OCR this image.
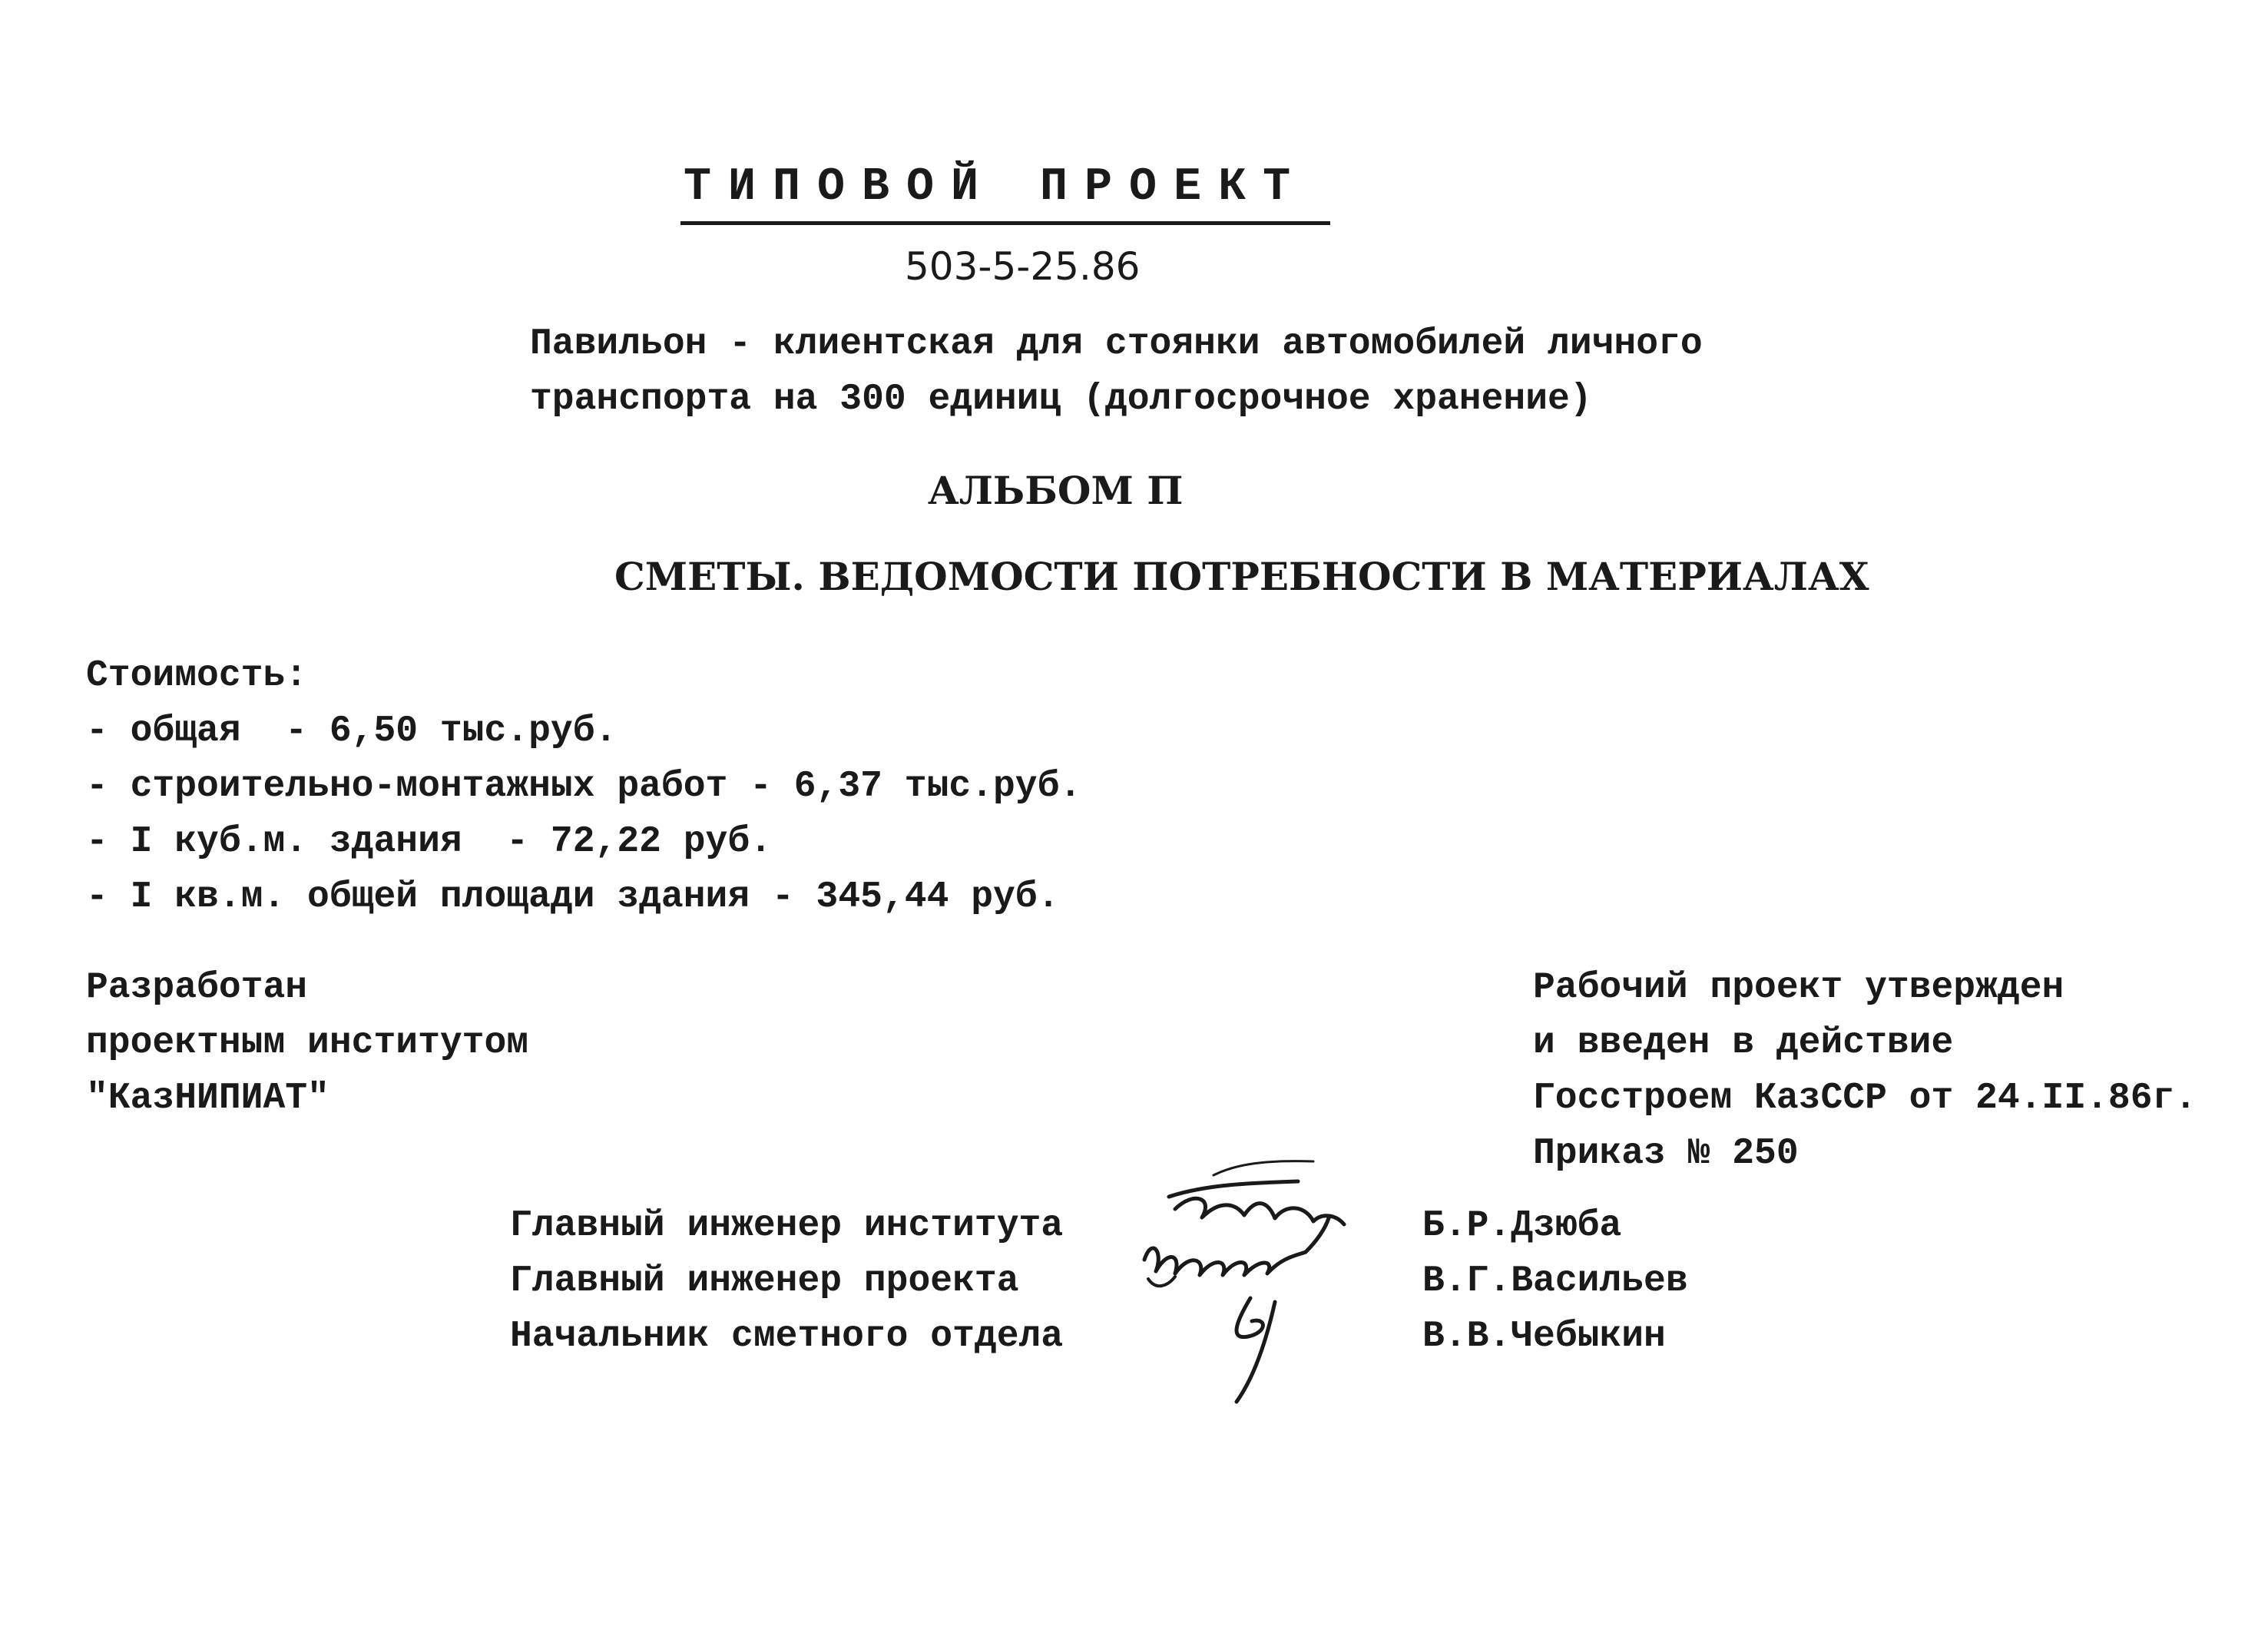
ТИПОВОЙ ПРОЕКТ
503-5-25.86
Павильон - клиентская для стоянки автомобилей личного
транспорта на 300 единиц (долгосрочное хранение)
АЛЬБОМ П
СМЕТЫ. ВЕДОМОСТИ ПОТРЕБНОСТИ В МАТЕРИАЛАХ
Стоимость:
- общая  - 6,50 тыс.руб.
- строительно-монтажных работ - 6,37 тыс.руб.
- I куб.м. здания  - 72,22 руб.
- I кв.м. общей площади здания - 345,44 руб.
Разработан
проектным институтом
"КазНИПИАТ"
Рабочий проект утвержден
и введен в действие
Госстроем КазССР от 24.II.86г.
Приказ № 250
Главный инженер института
Главный инженер проекта
Начальник сметного отдела
Б.Р.Дзюба
В.Г.Васильев
В.В.Чебыкин
